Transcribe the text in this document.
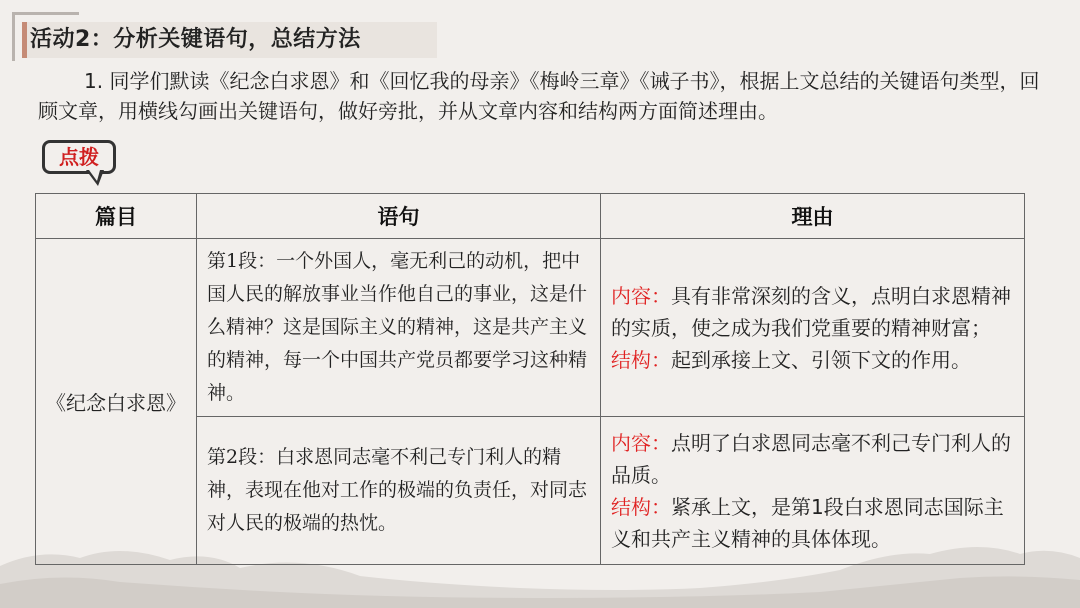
活动2：分析关键语句，总结方法
1. 同学们默读《纪念白求恩》和《回忆我的母亲》《梅岭三章》《诫子书》，根据上文总结的关键语句类型，回顾文章，用横线勾画出关键语句，做好旁批，并从文章内容和结构两方面简述理由。
点拨
篇目	语句	理由
《纪念白求恩》	第1段：一个外国人，毫无利己的动机，把中国人民的解放事业当作他自己的事业，这是什么精神？这是国际主义的精神，这是共产主义的精神，每一个中国共产党员都要学习这种精神。	内容：具有非常深刻的含义，点明白求恩精神的实质，使之成为我们党重要的精神财富；
结构：起到承接上文、引领下文的作用。
	第2段：白求恩同志毫不利己专门利人的精神，表现在他对工作的极端的负责任，对同志对人民的极端的热忱。	内容：点明了白求恩同志毫不利己专门利人的品质。
结构：紧承上文，是第1段白求恩同志国际主义和共产主义精神的具体体现。
